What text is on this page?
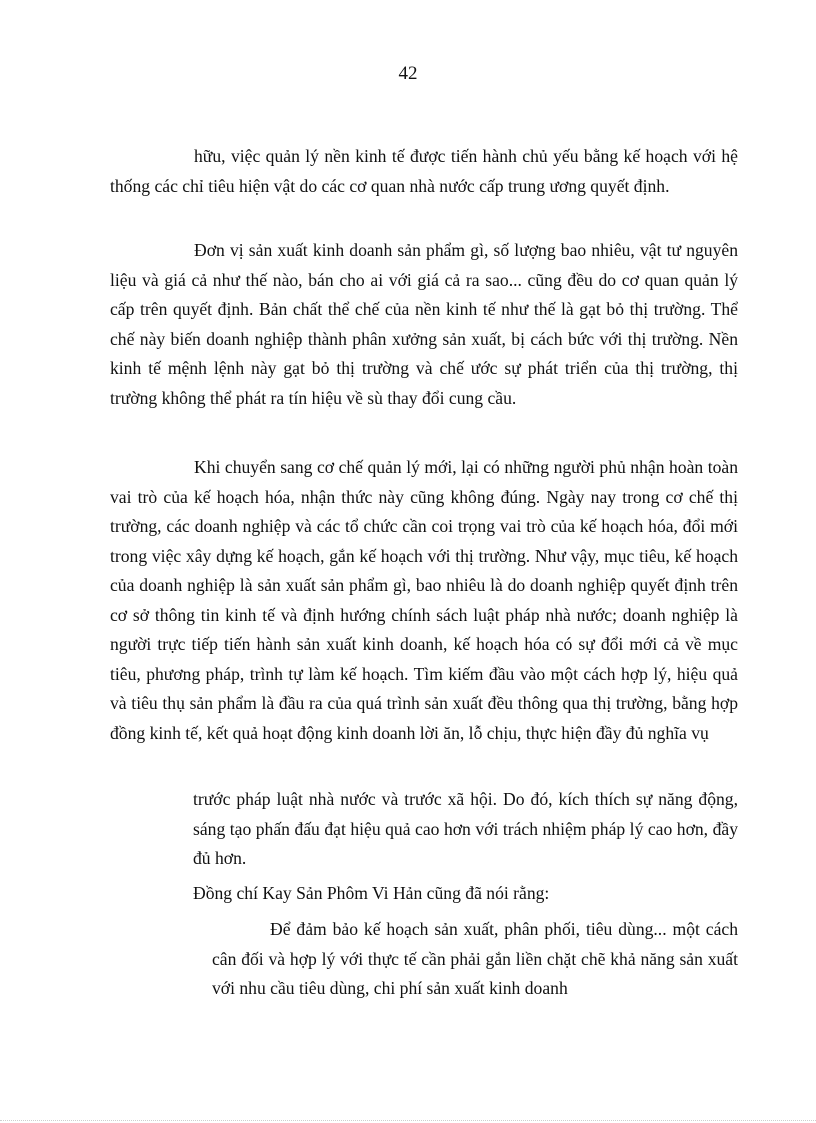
42

hữu, việc quản lý nền kinh tế được tiến hành chủ yếu bằng kế hoạch với hệ thống các chỉ tiêu hiện vật do các cơ quan nhà nước cấp trung ương quyết định.

Đơn vị sản xuất kinh doanh sản phẩm gì, số lượng bao nhiêu, vật tư nguyên liệu và giá cả như thế nào, bán cho ai với giá cả ra sao... cũng đều do cơ quan quản lý cấp trên quyết định. Bản chất thể chế của nền kinh tế như thế là gạt bỏ thị trường. Thể chế này biến doanh nghiệp thành phân xưởng sản xuất, bị cách bức với thị trường. Nền kinh tế mệnh lệnh này gạt bỏ thị trường và chế ước sự phát triển của thị trường, thị trường không thể phát ra tín hiệu về sù thay đổi cung cầu.

Khi chuyển sang cơ chế quản lý mới, lại có những người phủ nhận hoàn toàn vai trò của kế hoạch hóa, nhận thức này cũng không đúng. Ngày nay trong cơ chế thị trường, các doanh nghiệp và các tổ chức cần coi trọng vai trò của kế hoạch hóa, đổi mới trong việc xây dựng kế hoạch, gắn kế hoạch với thị trường. Như vậy, mục tiêu, kế hoạch của doanh nghiệp là sản xuất sản phẩm gì, bao nhiêu là do doanh nghiệp quyết định trên cơ sở thông tin kinh tế và định hướng chính sách luật pháp nhà nước; doanh nghiệp là người trực tiếp tiến hành sản xuất kinh doanh, kế hoạch hóa có sự đổi mới cả về mục tiêu, phương pháp, trình tự làm kế hoạch. Tìm kiếm đầu vào một cách hợp lý, hiệu quả và tiêu thụ sản phẩm là đầu ra của quá trình sản xuất đều thông qua thị trường, bằng hợp đồng kinh tế, kết quả hoạt động kinh doanh lời ăn, lỗ chịu, thực hiện đầy đủ nghĩa vụ

trước pháp luật nhà nước và trước xã hội. Do đó, kích thích sự năng động, sáng tạo phấn đấu đạt hiệu quả cao hơn với trách nhiệm pháp lý cao hơn, đầy đủ hơn.

Đồng chí Kay Sản Phôm Vi Hản cũng đã nói rằng:

Để đảm bảo kế hoạch sản xuất, phân phối, tiêu dùng... một cách cân đối và hợp lý với thực tế cần phải gắn liền chặt chẽ khả năng sản xuất với nhu cầu tiêu dùng, chi phí sản xuất kinh doanh
